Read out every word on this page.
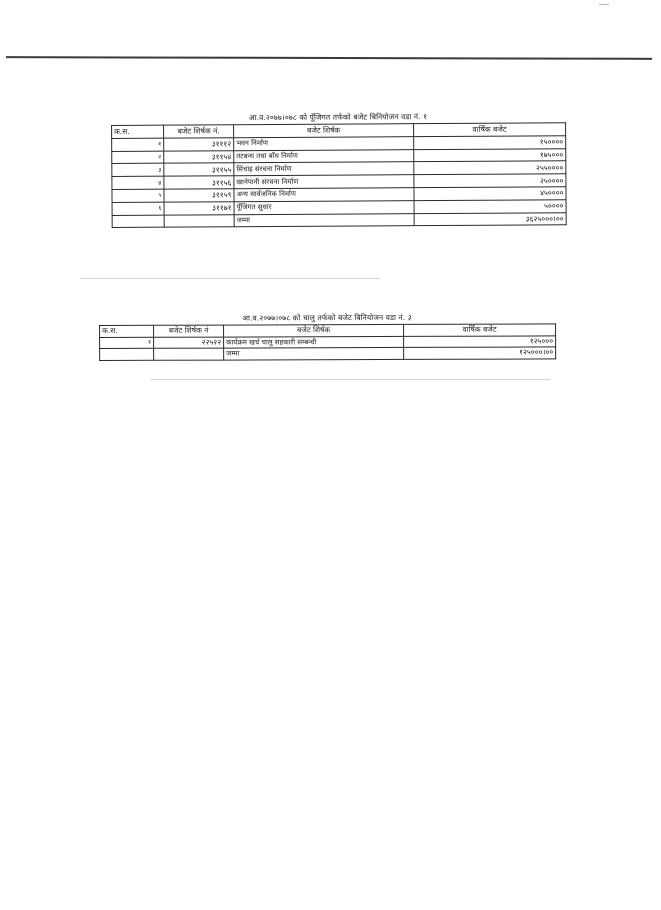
आ.व.२०७७।०७८ को पूँजिगत तर्फको बजेट बिनियोजन वडा नं. १
क.स.	बजेट शिर्षक नं.	बजेट शिर्षक	वार्षिक बजेट
१	३१११२	भवन निर्माण	१५००००
२	३११५४	तटबन्ध तथा बाँध निर्माण	१७५०००
३	३११५५	सिंचाइ संरचना निर्माण	२५५००००
४	३११५६	खानेपानी संरचना निर्माण	२५००००
५	३११५९	अन्य सार्वजनिक निर्माण	४५००००
६	३११७१	पूँजिगत सुधार	५००००
		जम्मा	३६२५०००।००
आ.व.२०७७।०७८ को चालु तर्फको बजेट बिनियोजन वडा नं. ३
क.स.	बजेट शिर्षक नं	बजेट शिर्षक	वार्षिक बजेट
१	२२५२२	कार्यक्रम खर्च चालु सहकारी सम्बन्धी	१२५०००
		जम्मा	१२५०००।००
